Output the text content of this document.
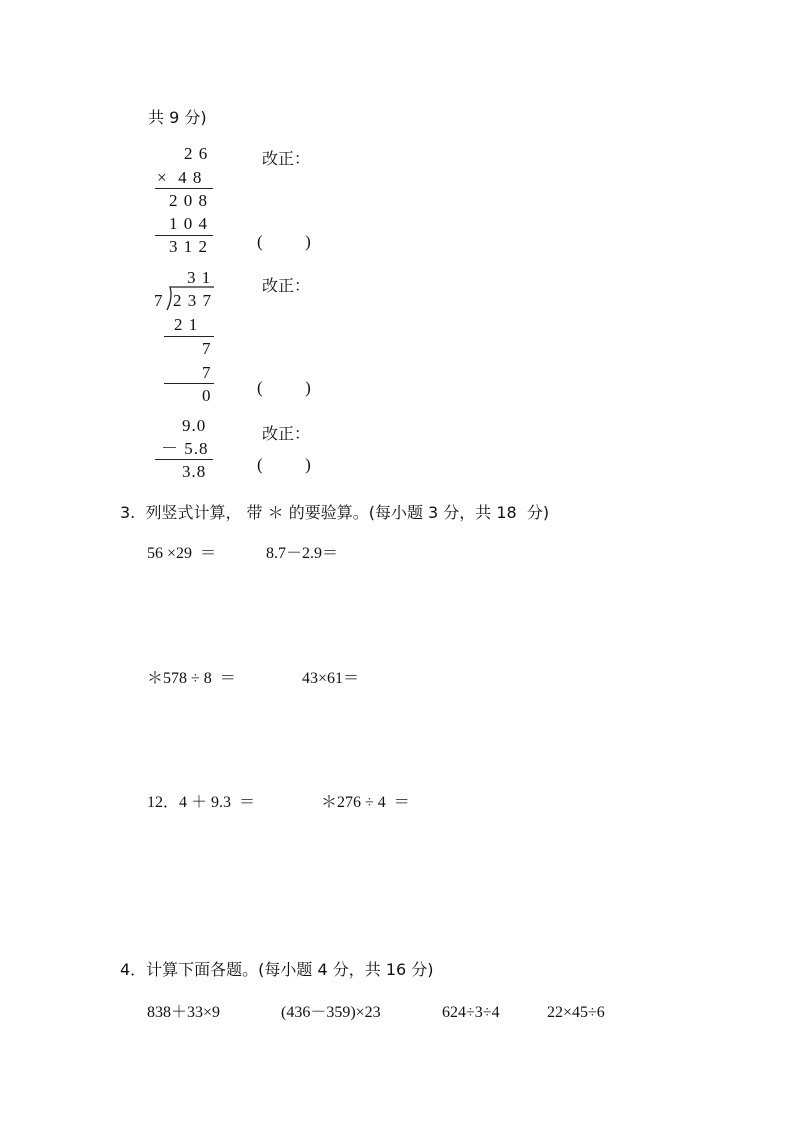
共 9 分)
2 6
×  4 8
2 0 8
1 0 4
3 1 2
改正：
(          )
3 1
7 2 3 7
2 1
7
7
0
改正：
(          )
9.0
－ 5.8
3.8
改正：
(          )
3.  列竖式计算， 带 ＊ 的要验算。(每小题 3 分，共 18  分)
56 ×29  ＝	8.7－2.9＝
＊578 ÷ 8  ＝	43×61＝
12．4 ＋ 9.3  ＝	＊276 ÷ 4  ＝
4．计算下面各题。(每小题 4 分，共 16 分)
838＋33×9	(436－359)×23	624÷3÷4	22×45÷6
